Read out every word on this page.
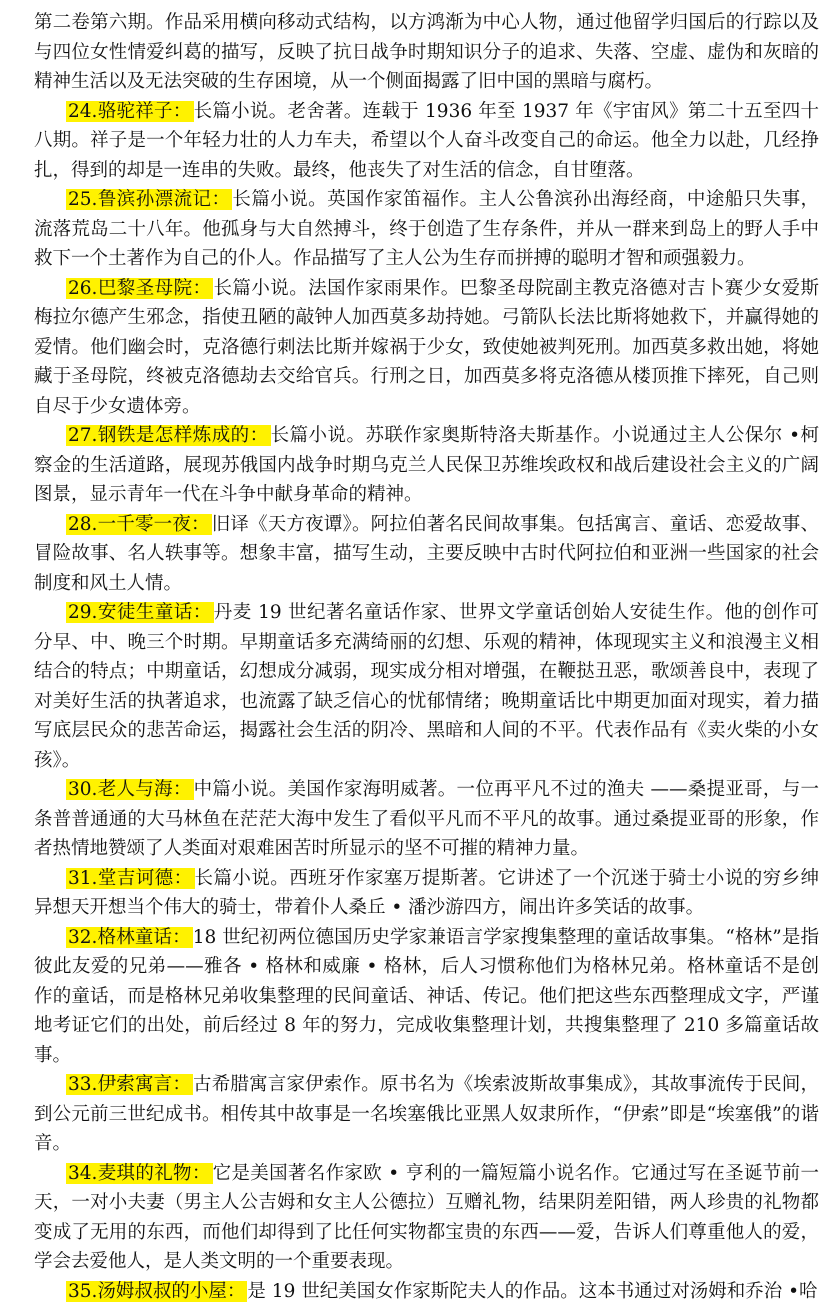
第二卷第六期。作品采用横向移动式结构，以方鸿渐为中心人物，通过他留学归国后的行踪以及与四位女性情爱纠葛的描写，反映了抗日战争时期知识分子的追求、失落、空虚、虚伪和灰暗的精神生活以及无法突破的生存困境，从一个侧面揭露了旧中国的黑暗与腐朽。

24.骆驼祥子： 长篇小说。老舍著。连载于 1936 年至 1937 年《宇宙风》第二十五至四十八期。祥子是一个年轻力壮的人力车夫，希望以个人奋斗改变自己的命运。他全力以赴，几经挣扎，得到的却是一连串的失败。最终，他丧失了对生活的信念，自甘堕落。

25.鲁滨孙漂流记： 长篇小说。英国作家笛福作。主人公鲁滨孙出海经商，中途船只失事，流落荒岛二十八年。他孤身与大自然搏斗，终于创造了生存条件，并从一群来到岛上的野人手中救下一个土著作为自己的仆人。作品描写了主人公为生存而拼搏的聪明才智和顽强毅力。

26.巴黎圣母院： 长篇小说。法国作家雨果作。巴黎圣母院副主教克洛德对吉卜赛少女爱斯梅拉尔德产生邪念，指使丑陋的敲钟人加西莫多劫持她。弓箭队长法比斯将她救下，并赢得她的爱情。他们幽会时，克洛德行刺法比斯并嫁祸于少女，致使她被判死刑。加西莫多救出她，将她藏于圣母院，终被克洛德劫去交给官兵。行刑之日，加西莫多将克洛德从楼顶推下摔死，自己则自尽于少女遗体旁。

27.钢铁是怎样炼成的： 长篇小说。苏联作家奥斯特洛夫斯基作。小说通过主人公保尔 •柯察金的生活道路，展现苏俄国内战争时期乌克兰人民保卫苏维埃政权和战后建设社会主义的广阔图景，显示青年一代在斗争中献身革命的精神。

28.一千零一夜： 旧译《天方夜谭》。阿拉伯著名民间故事集。包括寓言、童话、恋爱故事、冒险故事、名人轶事等。想象丰富，描写生动，主要反映中古时代阿拉伯和亚洲一些国家的社会制度和风土人情。

29.安徒生童话： 丹麦 19 世纪著名童话作家、世界文学童话创始人安徒生作。他的创作可分早、中、晚三个时期。早期童话多充满绮丽的幻想、乐观的精神，体现现实主义和浪漫主义相结合的特点；中期童话，幻想成分减弱，现实成分相对增强，在鞭挞丑恶，歌颂善良中，表现了对美好生活的执著追求，也流露了缺乏信心的忧郁情绪；晚期童话比中期更加面对现实，着力描写底层民众的悲苦命运，揭露社会生活的阴冷、黑暗和人间的不平。代表作品有《卖火柴的小女孩》。

30.老人与海： 中篇小说。美国作家海明威著。一位再平凡不过的渔夫 ——桑提亚哥，与一条普普通通的大马林鱼在茫茫大海中发生了看似平凡而不平凡的故事。通过桑提亚哥的形象，作者热情地赞颂了人类面对艰难困苦时所显示的坚不可摧的精神力量。

31.堂吉诃德： 长篇小说。西班牙作家塞万提斯著。它讲述了一个沉迷于骑士小说的穷乡绅异想天开想当个伟大的骑士，带着仆人桑丘 • 潘沙游四方，闹出许多笑话的故事。

32.格林童话： 18 世纪初两位德国历史学家兼语言学家搜集整理的童话故事集。“格林”是指彼此友爱的兄弟——雅各 • 格林和威廉 • 格林，后人习惯称他们为格林兄弟。格林童话不是创作的童话，而是格林兄弟收集整理的民间童话、神话、传记。他们把这些东西整理成文字，严谨地考证它们的出处，前后经过 8 年的努力，完成收集整理计划，共搜集整理了 210 多篇童话故事。

33.伊索寓言： 古希腊寓言家伊索作。原书名为《埃索波斯故事集成》，其故事流传于民间，到公元前三世纪成书。相传其中故事是一名埃塞俄比亚黑人奴隶所作，“伊索”即是“埃塞俄”的谐音。

34.麦琪的礼物： 它是美国著名作家欧 • 亨利的一篇短篇小说名作。它通过写在圣诞节前一天，一对小夫妻（男主人公吉姆和女主人公德拉）互赠礼物，结果阴差阳错，两人珍贵的礼物都变成了无用的东西，而他们却得到了比任何实物都宝贵的东西——爱，告诉人们尊重他人的爱，学会去爱他人，是人类文明的一个重要表现。

35.汤姆叔叔的小屋： 是 19 世纪美国女作家斯陀夫人的作品。这本书通过对汤姆和乔治 •哈
